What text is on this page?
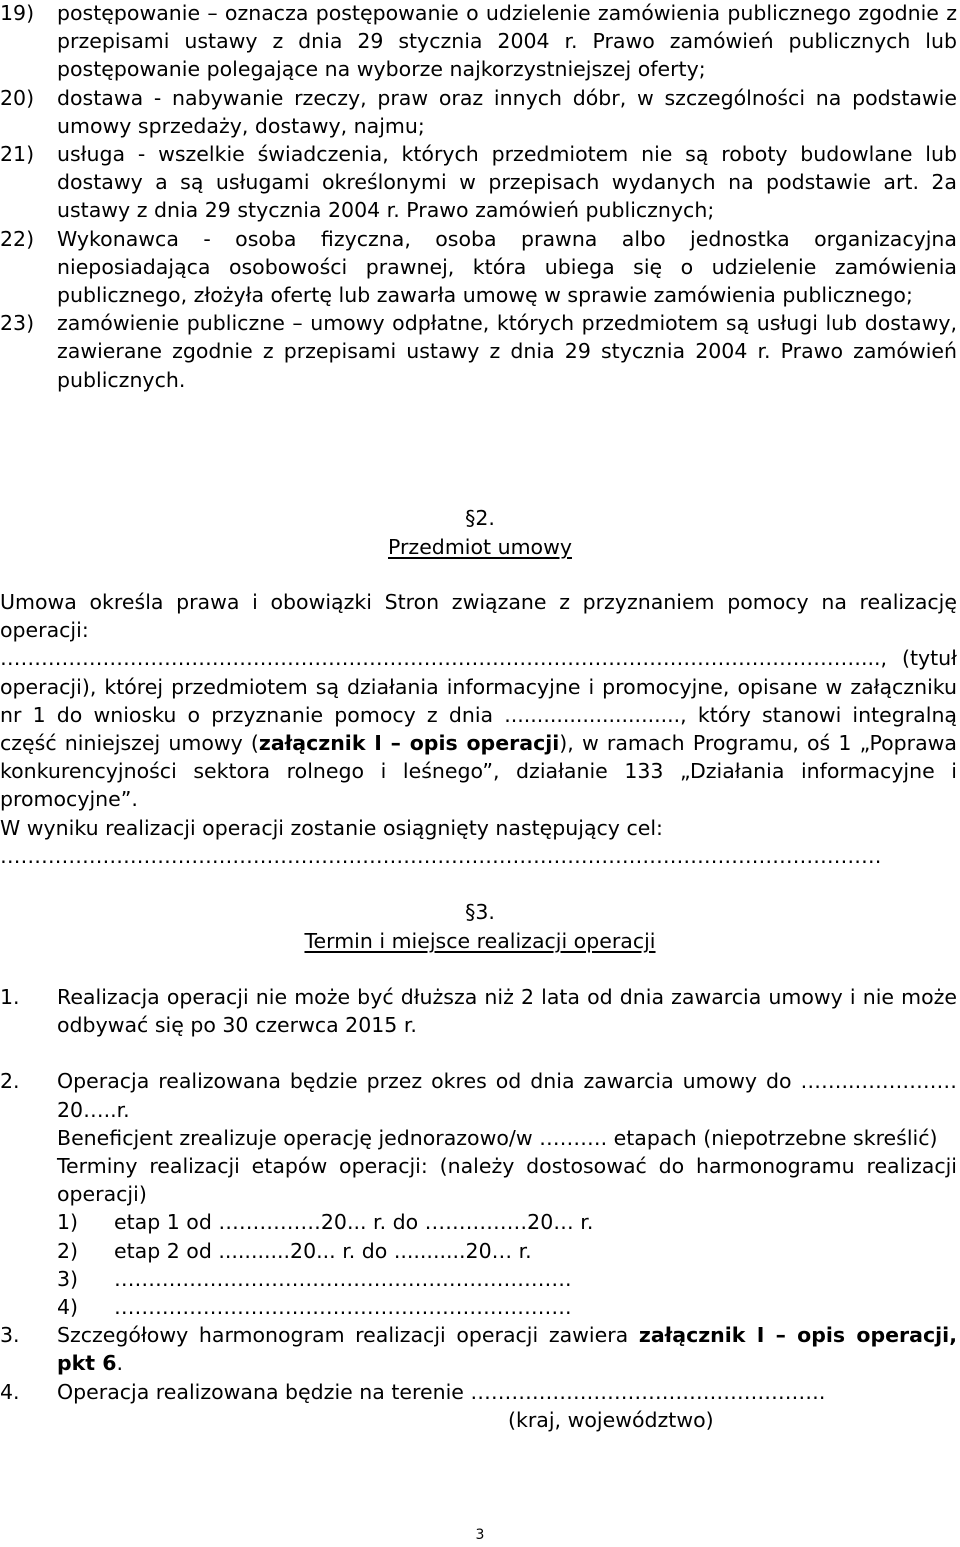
19) postępowanie – oznacza postępowanie o udzielenie zamówienia publicznego zgodnie z przepisami ustawy z dnia 29 stycznia 2004 r. Prawo zamówień publicznych lub postępowanie polegające na wyborze najkorzystniejszej oferty;
20) dostawa - nabywanie rzeczy, praw oraz innych dóbr, w szczególności na podstawie umowy sprzedaży, dostawy, najmu;
21) usługa - wszelkie świadczenia, których przedmiotem nie są roboty budowlane lub dostawy a są usługami określonymi w przepisach wydanych na podstawie art. 2a ustawy z dnia 29 stycznia 2004 r. Prawo zamówień publicznych;
22) Wykonawca - osoba fizyczna, osoba prawna albo jednostka organizacyjna nieposiadająca osobowości prawnej, która ubiega się o udzielenie zamówienia publicznego, złożyła ofertę lub zawarła umowę w sprawie zamówienia publicznego;
23) zamówienie publiczne – umowy odpłatne, których przedmiotem są usługi lub dostawy, zawierane zgodnie z przepisami ustawy z dnia 29 stycznia 2004 r. Prawo zamówień publicznych.
§2.
Przedmiot umowy

Umowa określa prawa i obowiązki Stron związane z przyznaniem pomocy na realizację operacji: ………………………………………………………………………………………………………………..., (tytuł operacji), której przedmiotem są działania informacyjne i promocyjne, opisane w załączniku nr 1 do wniosku o przyznanie pomocy z dnia ..........................., który stanowi integralną część niniejszej umowy (załącznik I – opis operacji), w ramach Programu, oś 1 „Poprawa konkurencyjności sektora rolnego i leśnego”, działanie 133 „Działania informacyjne i promocyjne”.

W wyniku realizacji operacji zostanie osiągnięty następujący cel:

…………………………………………………………………………………………………………………

§3.
Termin i miejsce realizacji operacji
1. Realizacja operacji nie może być dłuższa niż 2 lata od dnia zawarcia umowy i nie może odbywać się po 30 czerwca 2015 r.
2. Operacja realizowana będzie przez okres od dnia zawarcia umowy do ……..……………20…..r.
Beneficjent zrealizuje operację jednorazowo/w ………. etapach (niepotrzebne skreślić)
Terminy realizacji etapów operacji: (należy dostosować do harmonogramu realizacji operacji)
1) etap 1 od ……………20... r. do ……………20… r.
2) etap 2 od ...........20... r. do ...........20… r.
3) ………………………………………………………….
4) ………………………………………………………….
3. Szczegółowy harmonogram realizacji operacji zawiera załącznik I – opis operacji, pkt 6.
4. Operacja realizowana będzie na terenie …………………………………………….
(kraj, województwo)
3
